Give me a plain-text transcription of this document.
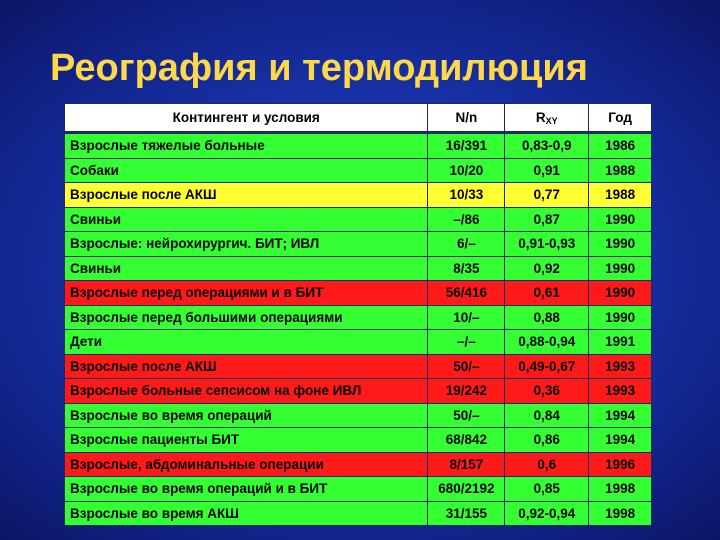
Реография и термодилюция
Контингент и условия	N/n	$R_{XY}$	Год
Взрослые тяжелые больные	16/391	0,83-0,9	1986
Собаки	10/20	0,91	1988
Взрослые после АКШ	10/33	0,77	1988
Свиньи	–/86	0,87	1990
Взрослые: нейрохирургич. БИТ; ИВЛ	6/–	0,91-0,93	1990
Свиньи	8/35	0,92	1990
Взрослые перед операциями и в БИТ	56/416	0,61	1990
Взрослые перед большими операциями	10/–	0,88	1990
Дети	–/–	0,88-0,94	1991
Взрослые после АКШ	50/–	0,49-0,67	1993
Взрослые больные сепсисом на фоне ИВЛ	19/242	0,36	1993
Взрослые во время операций	50/–	0,84	1994
Взрослые пациенты БИТ	68/842	0,86	1994
Взрослые, абдоминальные операции	8/157	0,6	1996
Взрослые во время операций и в БИТ	680/2192	0,85	1998
Взрослые во время АКШ	31/155	0,92-0,94	1998
